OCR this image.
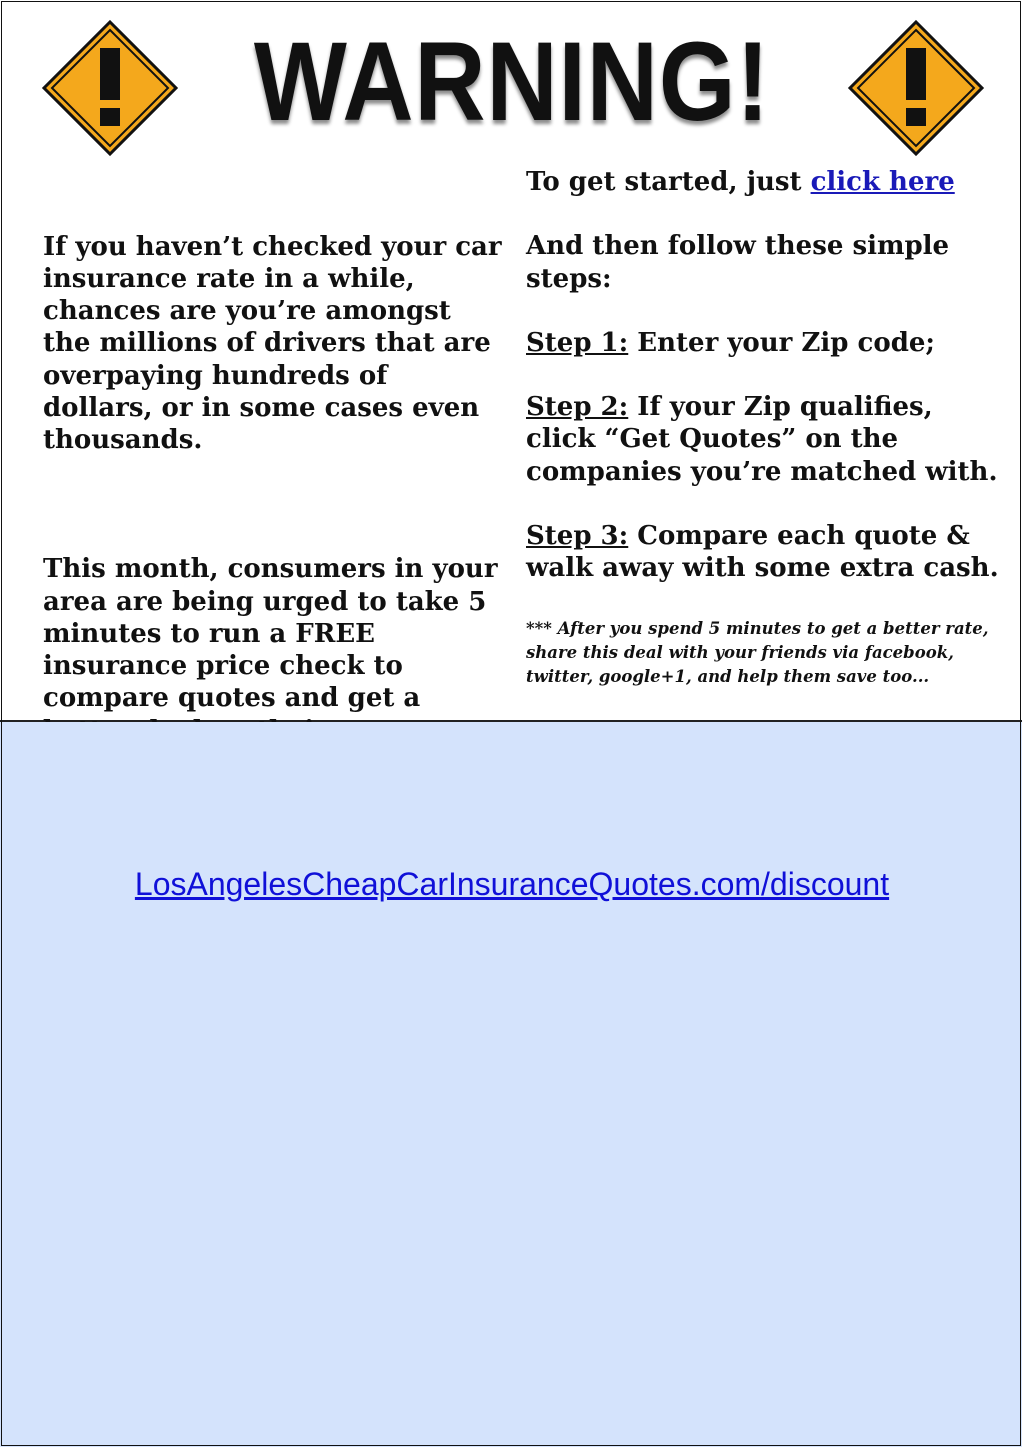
WARNING!

If you haven’t checked your car insurance rate in a while, chances are you’re amongst the millions of drivers that are overpaying hundreds of dollars, or in some cases even thousands.

This month, consumers in your area are being urged to take 5 minutes to run a FREE insurance price check to compare quotes and get a

To get started, just click here

And then follow these simple steps:

Step 1: Enter your Zip code;

Step 2: If your Zip qualifies, click “Get Quotes” on the companies you’re matched with.

Step 3: Compare each quote & walk away with some extra cash.

*** After you spend 5 minutes to get a better rate, share this deal with your friends via facebook, twitter, google+1, and help them save too...

LosAngelesCheapCarInsuranceQuotes.com/discount
